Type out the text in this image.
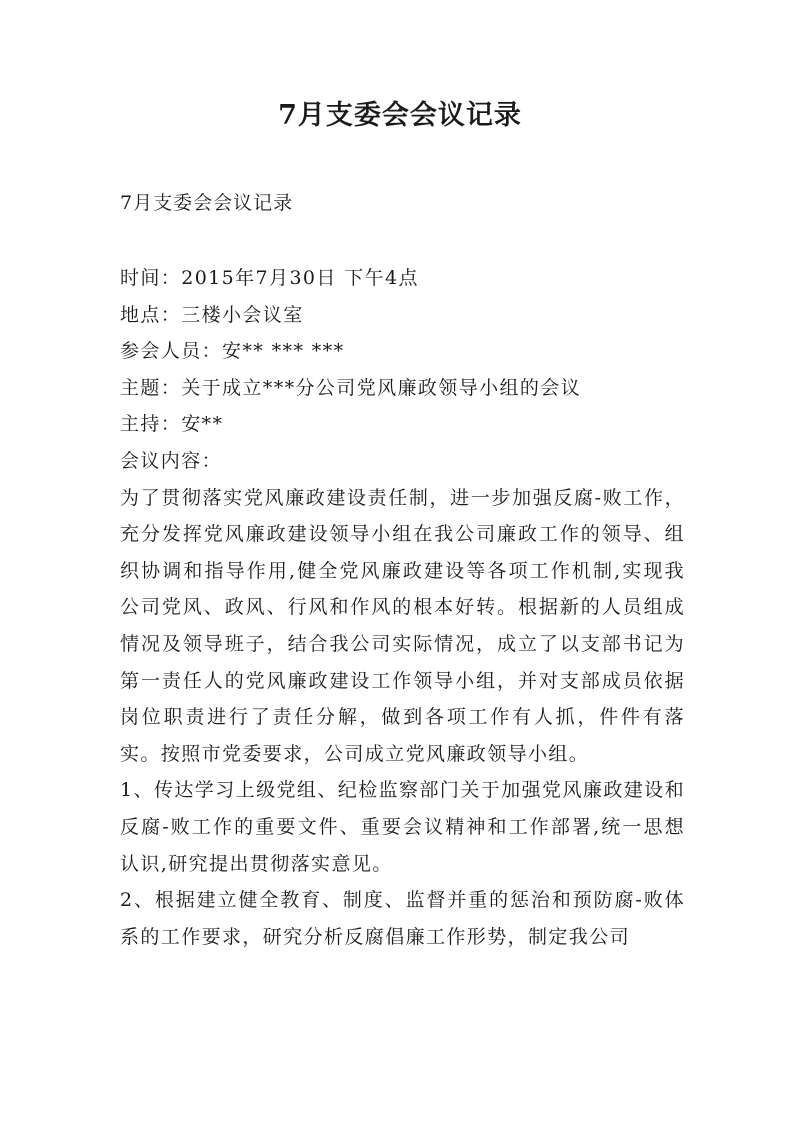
7月支委会会议记录
7月支委会会议记录
时间：2015年7月30日 下午4点
地点：三楼小会议室
参会人员：安** *** ***
主题：关于成立***分公司党风廉政领导小组的会议
主持：安**
会议内容：
为了贯彻落实党风廉政建设责任制，进一步加强反腐-败工作，充分发挥党风廉政建设领导小组在我公司廉政工作的领导、组织协调和指导作用,健全党风廉政建设等各项工作机制,实现我公司党风、政风、行风和作风的根本好转。根据新的人员组成情况及领导班子，结合我公司实际情况，成立了以支部书记为第一责任人的党风廉政建设工作领导小组，并对支部成员依据岗位职责进行了责任分解，做到各项工作有人抓，件件有落实。按照市党委要求，公司成立党风廉政领导小组。
1、传达学习上级党组、纪检监察部门关于加强党风廉政建设和反腐-败工作的重要文件、重要会议精神和工作部署,统一思想认识,研究提出贯彻落实意见。
2、根据建立健全教育、制度、监督并重的惩治和预防腐-败体系的工作要求，研究分析反腐倡廉工作形势，制定我公司
